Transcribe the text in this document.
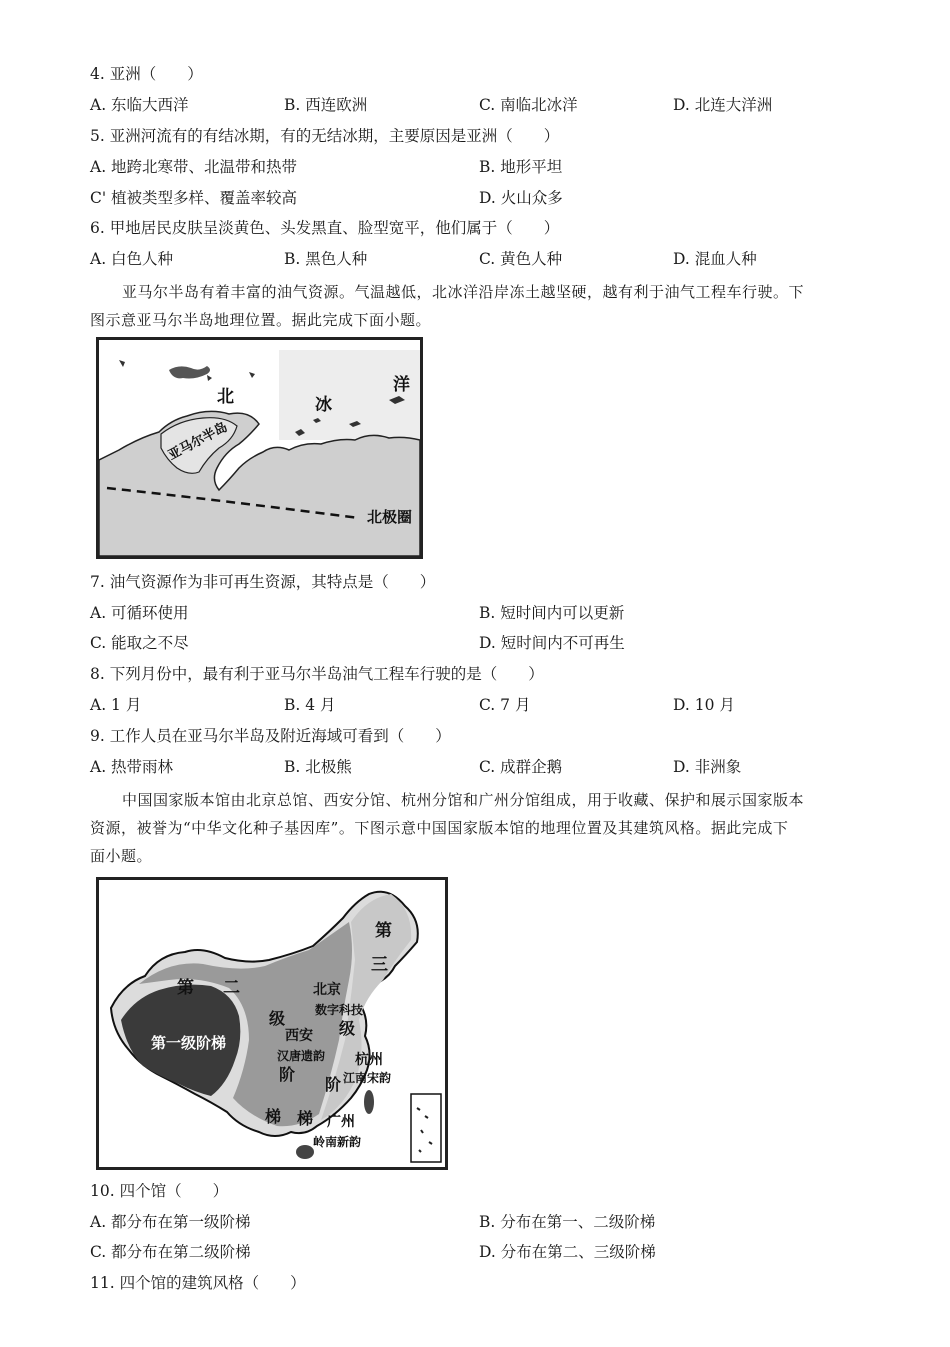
4. 亚洲（　　）
A. 东临大西洋	B. 西连欧洲	C. 南临北冰洋	D. 北连大洋洲
5. 亚洲河流有的有结冰期，有的无结冰期，主要原因是亚洲（　　）
A. 地跨北寒带、北温带和热带	B. 地形平坦
C' 植被类型多样、覆盖率较高	D. 火山众多
6. 甲地居民皮肤呈淡黄色、头发黑直、脸型宽平，他们属于（　　）
A. 白色人种	B. 黑色人种	C. 黄色人种	D. 混血人种
亚马尔半岛有着丰富的油气资源。气温越低，北冰洋沿岸冻土越坚硬，越有利于油气工程车行驶。下
图示意亚马尔半岛地理位置。据此完成下面小题。
北	冰
洋
亚马尔半岛
北极圈
7. 油气资源作为非可再生资源，其特点是（　　）
A. 可循环使用	B. 短时间内可以更新
C. 能取之不尽	D. 短时间内不可再生
8. 下列月份中，最有利于亚马尔半岛油气工程车行驶的是（　　）
A. 1 月	B. 4 月	C. 7 月	D. 10 月
9. 工作人员在亚马尔半岛及附近海域可看到（　　）
A. 热带雨林	B. 北极熊	C. 成群企鹅	D. 非洲象
中国国家版本馆由北京总馆、西安分馆、杭州分馆和广州分馆组成，用于收藏、保护和展示国家版本
资源，被誉为“中华文化种子基因库”。下图示意中国国家版本馆的地理位置及其建筑风格。据此完成下
面小题。
第 二
级
阶
梯
第一级阶梯
第
三
级
阶
梯
北京
数字科技
西安
汉唐遗韵 杭州
江南宋韵
广州
岭南新韵
10. 四个馆（　　）
A. 都分布在第一级阶梯	B. 分布在第一、二级阶梯
C. 都分布在第二级阶梯	D. 分布在第二、三级阶梯
11. 四个馆的建筑风格（　　）
